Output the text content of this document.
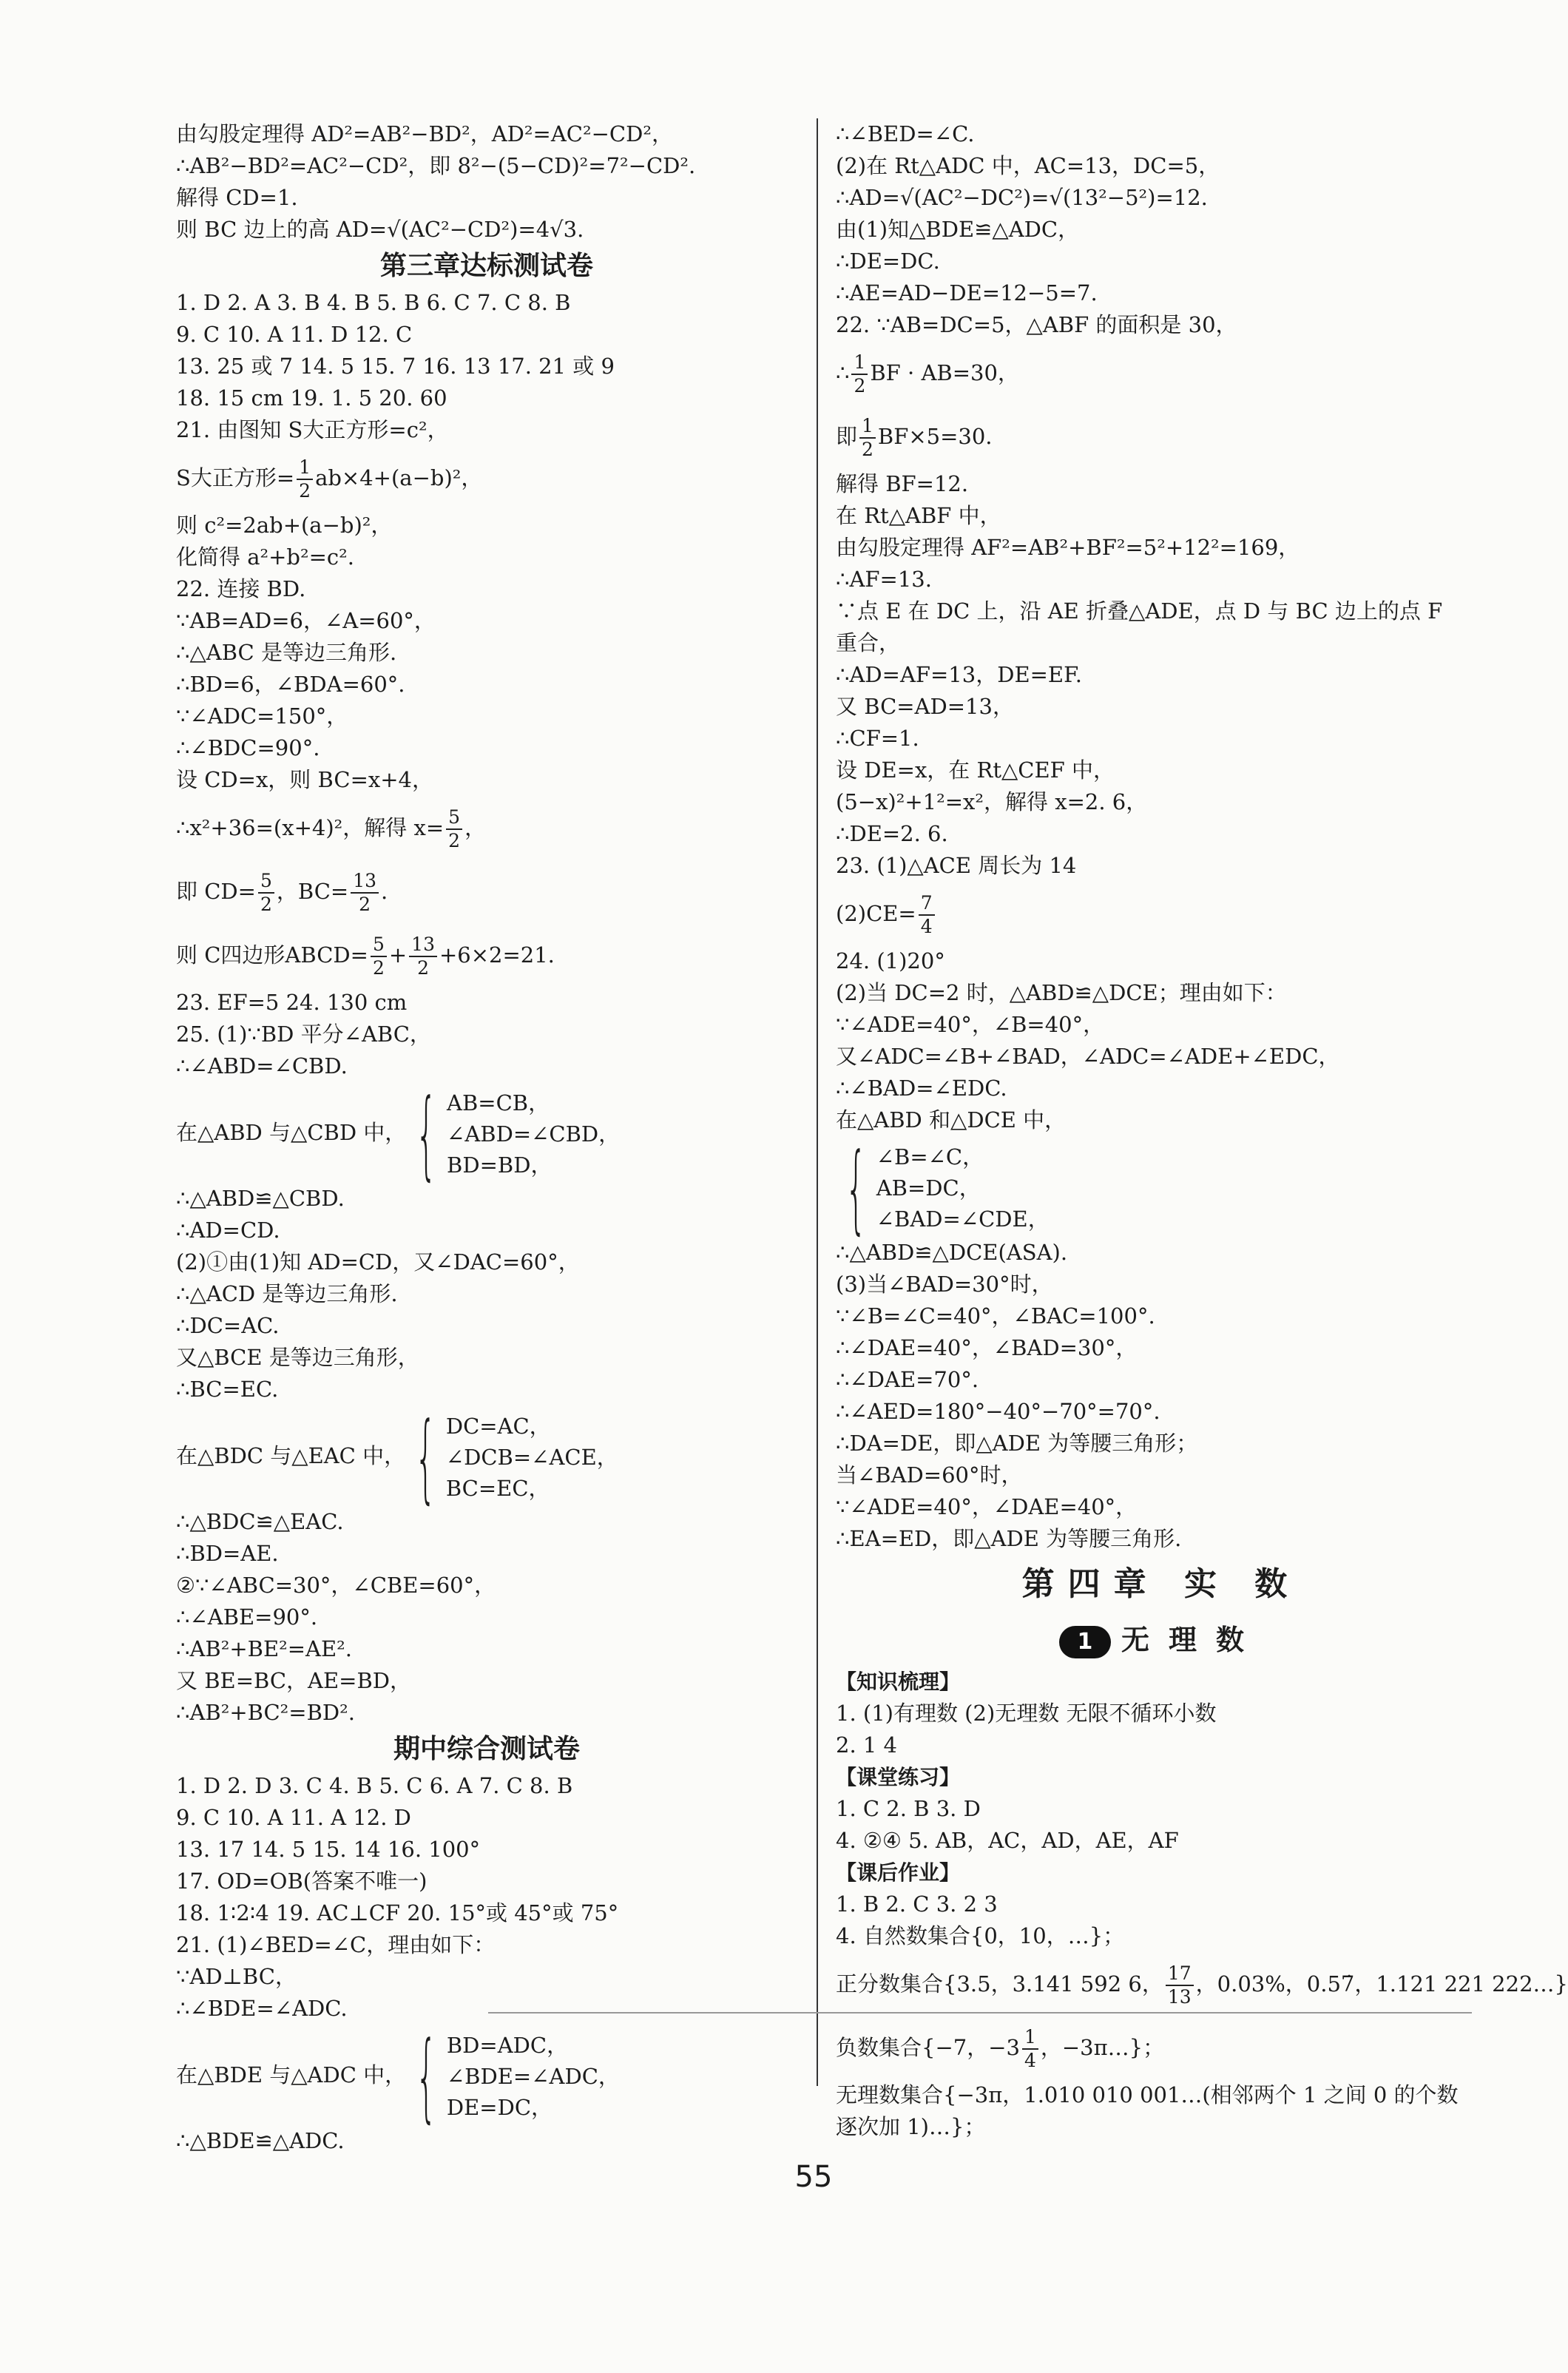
由勾股定理得 AD²=AB²−BD²，AD²=AC²−CD²，
∴AB²−BD²=AC²−CD²，即 8²−(5−CD)²=7²−CD².
解得 CD=1.
则 BC 边上的高 AD=√(AC²−CD²)=4√3.
第三章达标测试卷
1. D 2. A 3. B 4. B 5. B 6. C 7. C 8. B
9. C 10. A 11. D 12. C
13. 25 或 7 14. 5 15. 7 16. 13 17. 21 或 9
18. 15 cm 19. 1. 5 20. 60
21. 由图知 S大正方形=c²，
S大正方形= $\frac{1}{2} ab\times 4+(a-b)^2$，
则 c²=2ab+(a−b)²，
化简得 a²+b²=c².
22. 连接 BD.
∵AB=AD=6，∠A=60°，
∴△ABC 是等边三角形.
∴BD=6，∠BDA=60°.
∵∠ADC=150°，
∴∠BDC=90°.
设 CD=x，则 BC=x+4，
∴x²+36=(x+4)²，解得 $x= \frac{5}{2}$ ，
即 $CD= \frac{5}{2}$ ，$BC= \frac{13}{2}$ .
则 C四边形ABCD= $\frac{5}{2} + \frac{13}{2} +6\times 2=21$.
23. EF=5 24. 130 cm
25. (1)∵BD 平分∠ABC，
∴∠ABD=∠CBD.
在△ABD 与△CBD 中， { AB=CB，
∠ABD=∠CBD，
BD=BD，
∴△ABD≌△CBD.
∴AD=CD.
(2)①由(1)知 AD=CD，又∠DAC=60°，
∴△ACD 是等边三角形.
∴DC=AC.
又△BCE 是等边三角形，
∴BC=EC.
在△BDC 与△EAC 中， { DC=AC，
∠DCB=∠ACE，
BC=EC，
∴△BDC≌△EAC.
∴BD=AE.
②∵∠ABC=30°，∠CBE=60°，
∴∠ABE=90°.
∴AB²+BE²=AE².
又 BE=BC，AE=BD，
∴AB²+BC²=BD².
期中综合测试卷
1. D 2. D 3. C 4. B 5. C 6. A 7. C 8. B
9. C 10. A 11. A 12. D
13. 17 14. 5 15. 14 16. 100°
17. OD=OB(答案不唯一)
18. 1∶2∶4 19. AC⊥CF 20. 15°或 45°或 75°
21. (1)∠BED=∠C，理由如下：
∵AD⊥BC，
∴∠BDE=∠ADC.
在△BDE 与△ADC 中， { BD=ADC，
∠BDE=∠ADC，
DE=DC，
∴△BDE≌△ADC.
∴∠BED=∠C.
(2)在 Rt△ADC 中，AC=13，DC=5，
∴AD=√(AC²−DC²)=√(13²−5²)=12.
由(1)知△BDE≌△ADC，
∴DE=DC.
∴AE=AD−DE=12−5=7.
22. ∵AB=DC=5，△ABF 的面积是 30，
∴ $\frac{1}{2}$ BF · AB=30，
即 $\frac{1}{2} BF\times 5=30$.
解得 BF=12.
在 Rt△ABF 中，
由勾股定理得 AF²=AB²+BF²=5²+12²=169，
∴AF=13.
∵点 E 在 DC 上，沿 AE 折叠△ADE，点 D 与 BC 边上的点 F
重合，
∴AD=AF=13，DE=EF.
又 BC=AD=13，
∴CF=1.
设 DE=x，在 Rt△CEF 中，
(5−x)²+1²=x²，解得 x=2. 6，
∴DE=2. 6.
23. (1)△ACE 周长为 14
$(2)CE= \frac{7}{4}$
24. (1)20°
(2)当 DC=2 时，△ABD≌△DCE；理由如下：
∵∠ADE=40°，∠B=40°，
又∠ADC=∠B+∠BAD，∠ADC=∠ADE+∠EDC，
∴∠BAD=∠EDC.
在△ABD 和△DCE 中，
{ ∠B=∠C，
AB=DC，
∠BAD=∠CDE，
∴△ABD≌△DCE(ASA).
(3)当∠BAD=30°时，
∵∠B=∠C=40°，∠BAC=100°.
∴∠DAE=40°，∠BAD=30°，
∴∠DAE=70°.
∴∠AED=180°−40°−70°=70°.
∴DA=DE，即△ADE 为等腰三角形；
当∠BAD=60°时，
∵∠ADE=40°，∠DAE=40°，
∴EA=ED，即△ADE 为等腰三角形.
第四章 实 数
1 无理数
【知识梳理】
1. (1)有理数 (2)无理数 无限不循环小数
2. 1 4
【课堂练习】
1. C 2. B 3. D
4. ②④ 5. AB，AC，AD，AE，AF
【课后作业】
1. B 2. C 3. 2 3
4. 自然数集合{0，10，…}；
正分数集合{3.5，3.141 592 6， $\frac{17}{13}$ ，0.03%，0.57̇，1.121 221 222…}
负数集合{−7，$-3 \frac{1}{4}$ ，−3π…}；
无理数集合{−3π，1.010 010 001…(相邻两个 1 之间 0 的个数
逐次加 1)…}；
55
